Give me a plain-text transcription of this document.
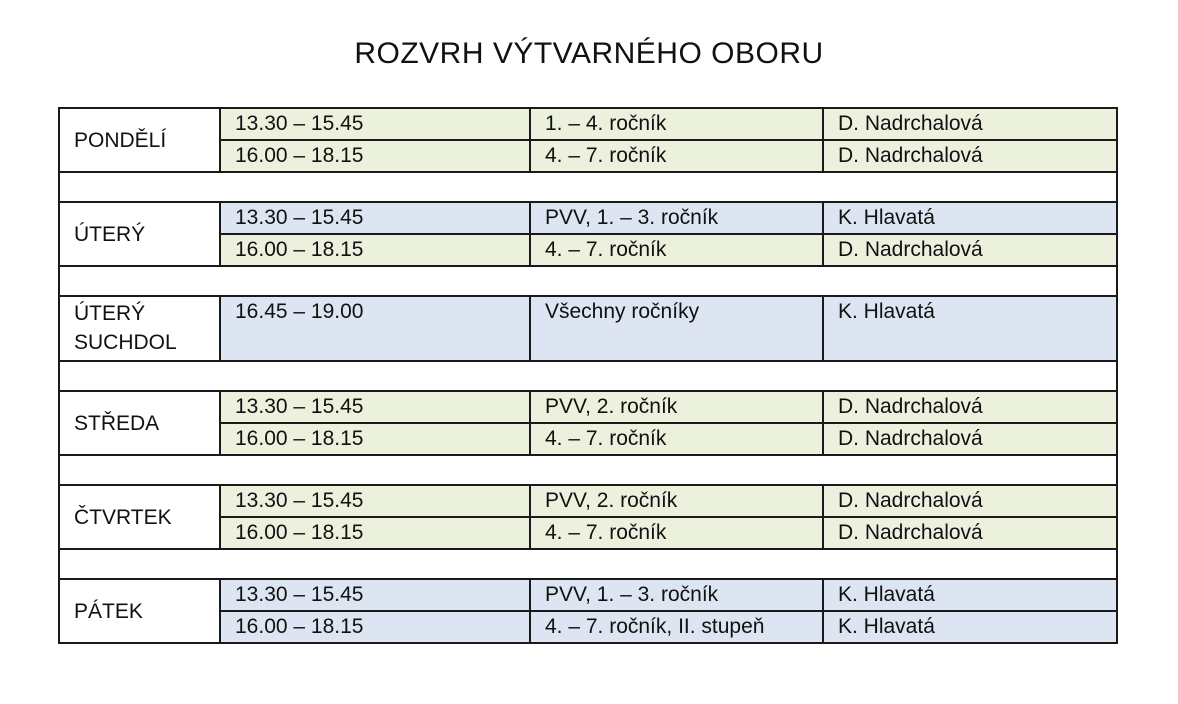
ROZVRH VÝTVARNÉHO OBORU
PONDĚLÍ	13.30 – 15.45	1. – 4. ročník	D. Nadrchalová
	16.00 – 18.15	4. – 7. ročník	D. Nadrchalová

ÚTERÝ	13.30 – 15.45	PVV, 1. – 3. ročník	K. Hlavatá
	16.00 – 18.15	4. – 7. ročník	D. Nadrchalová

ÚTERÝ
SUCHDOL	16.45 – 19.00	Všechny ročníky	K. Hlavatá

STŘEDA	13.30 – 15.45	PVV, 2. ročník	D. Nadrchalová
	16.00 – 18.15	4. – 7. ročník	D. Nadrchalová

ČTVRTEK	13.30 – 15.45	PVV, 2. ročník	D. Nadrchalová
	16.00 – 18.15	4. – 7. ročník	D. Nadrchalová

PÁTEK	13.30 – 15.45	PVV, 1. – 3. ročník	K. Hlavatá
	16.00 – 18.15	4. – 7. ročník, II. stupeň	K. Hlavatá
